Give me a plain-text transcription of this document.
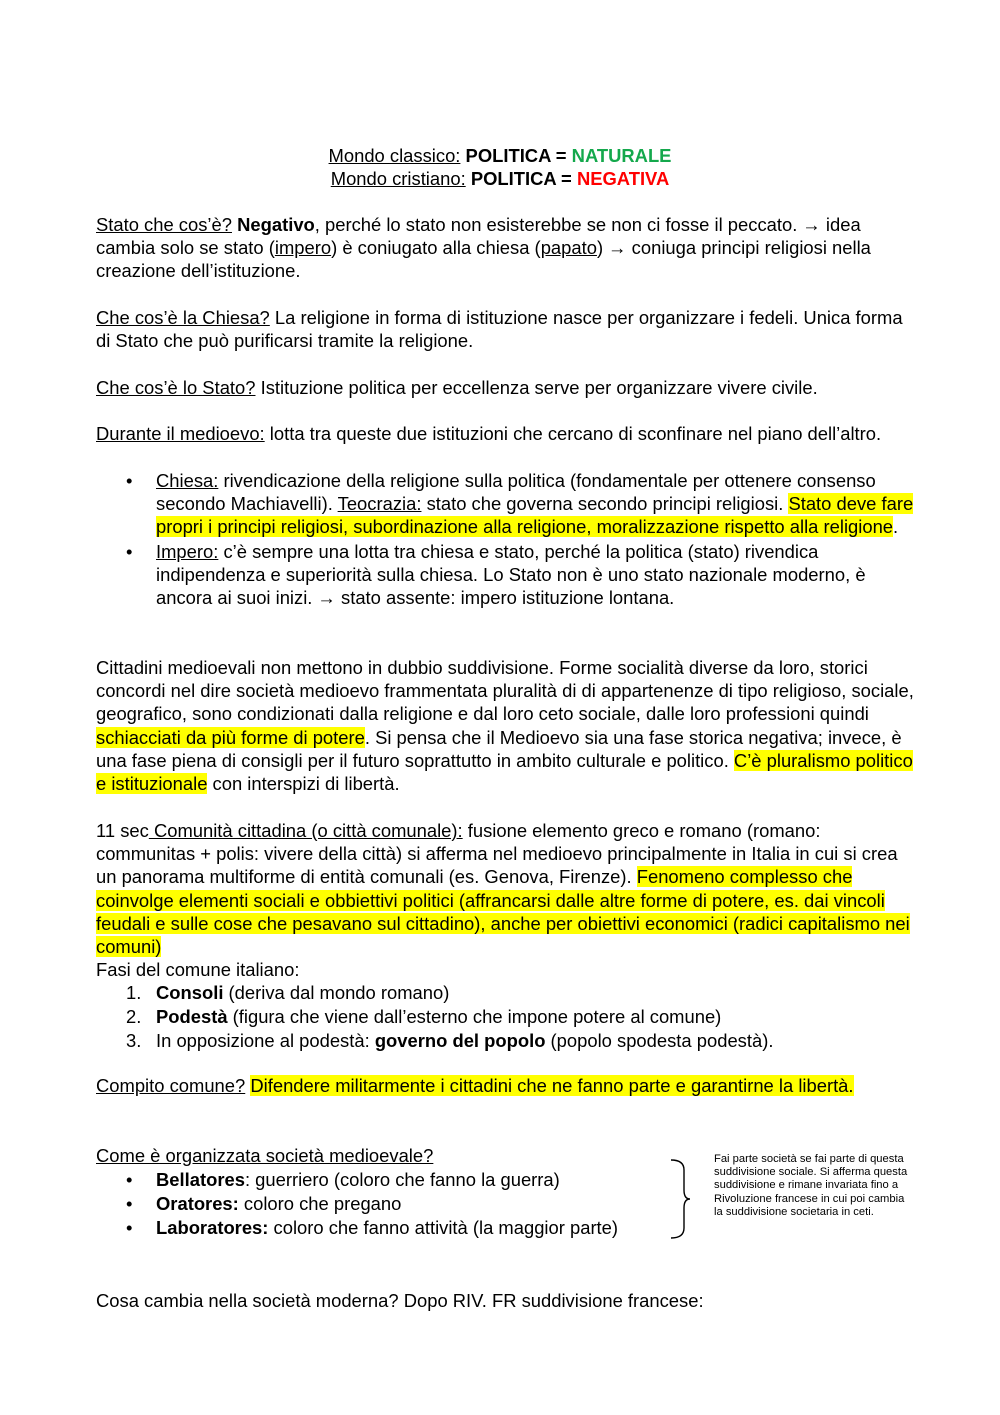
Mondo classico: POLITICA = NATURALE
Mondo cristiano: POLITICA = NEGATIVA

Stato che cos’è? Negativo, perché lo stato non esisterebbe se non ci fosse il peccato. → idea cambia solo se stato (impero) è coniugato alla chiesa (papato) → coniuga principi religiosi nella creazione dell’istituzione.

Che cos’è la Chiesa? La religione in forma di istituzione nasce per organizzare i fedeli. Unica forma di Stato che può purificarsi tramite la religione.

Che cos’è lo Stato? Istituzione politica per eccellenza serve per organizzare vivere civile.

Durante il medioevo: lotta tra queste due istituzioni che cercano di sconfinare nel piano dell’altro.

• Chiesa: rivendicazione della religione sulla politica (fondamentale per ottenere consenso secondo Machiavelli). Teocrazia: stato che governa secondo principi religiosi. Stato deve fare propri i principi religiosi, subordinazione alla religione, moralizzazione rispetto alla religione.
• Impero: c’è sempre una lotta tra chiesa e stato, perché la politica (stato) rivendica indipendenza e superiorità sulla chiesa. Lo Stato non è uno stato nazionale moderno, è ancora ai suoi inizi. → stato assente: impero istituzione lontana.

Cittadini medioevali non mettono in dubbio suddivisione. Forme socialità diverse da loro, storici concordi nel dire società medioevo frammentata pluralità di di appartenenze di tipo religioso, sociale, geografico, sono condizionati dalla religione e dal loro ceto sociale, dalle loro professioni quindi schiacciati da più forme di potere. Si pensa che il Medioevo sia una fase storica negativa; invece, è una fase piena di consigli per il futuro soprattutto in ambito culturale e politico. C’è pluralismo politico e istituzionale con interspizi di libertà.

11 sec Comunità cittadina (o città comunale): fusione elemento greco e romano (romano: communitas + polis: vivere della città) si afferma nel medioevo principalmente in Italia in cui si crea un panorama multiforme di entità comunali (es. Genova, Firenze). Fenomeno complesso che coinvolge elementi sociali e obbiettivi politici (affrancarsi dalle altre forme di potere, es. dai vincoli feudali e sulle cose che pesavano sul cittadino), anche per obiettivi economici (radici capitalismo nei comuni)
Fasi del comune italiano:

1. Consoli (deriva dal mondo romano)
2. Podestà (figura che viene dall’esterno che impone potere al comune)
3. In opposizione al podestà: governo del popolo (popolo spodesta podestà).

Compito comune? Difendere militarmente i cittadini che ne fanno parte e garantirne la libertà.

Come è organizzata società medioevale?

• Bellatores: guerriero (coloro che fanno la guerra)
• Oratores: coloro che pregano
• Laboratores: coloro che fanno attività (la maggior parte)
Fai parte società se fai parte di questa suddivisione sociale. Si afferma questa suddivisione e rimane invariata fino a Rivoluzione francese in cui poi cambia la suddivisione societaria in ceti.

Cosa cambia nella società moderna? Dopo RIV. FR suddivisione francese:
